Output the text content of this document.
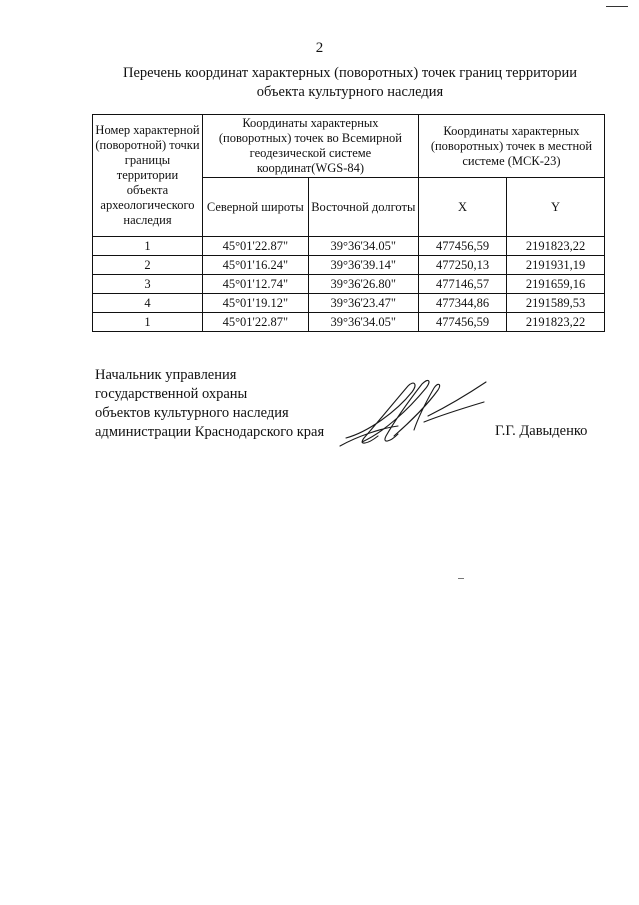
2
Перечень координат характерных (поворотных) точек границ территории
объекта культурного наследия
Номер характерной (поворотной) точки границы территории объекта археологического наследия	Координаты характерных (поворотных) точек во Всемирной геодезической системе координат(WGS-84)		Координаты характерных (поворотных) точек в местной системе (МСК-23)	
	Северной широты	Восточной долготы	X	Y
1	45°01'22.87"	39°36'34.05"	477456,59	2191823,22
2	45°01'16.24"	39°36'39.14"	477250,13	2191931,19
3	45°01'12.74"	39°36'26.80"	477146,57	2191659,16
4	45°01'19.12"	39°36'23.47"	477344,86	2191589,53
1	45°01'22.87"	39°36'34.05"	477456,59	2191823,22
Начальник управления
государственной охраны
объектов культурного наследия
администрации Краснодарского края	Г.Г. Давыденко
